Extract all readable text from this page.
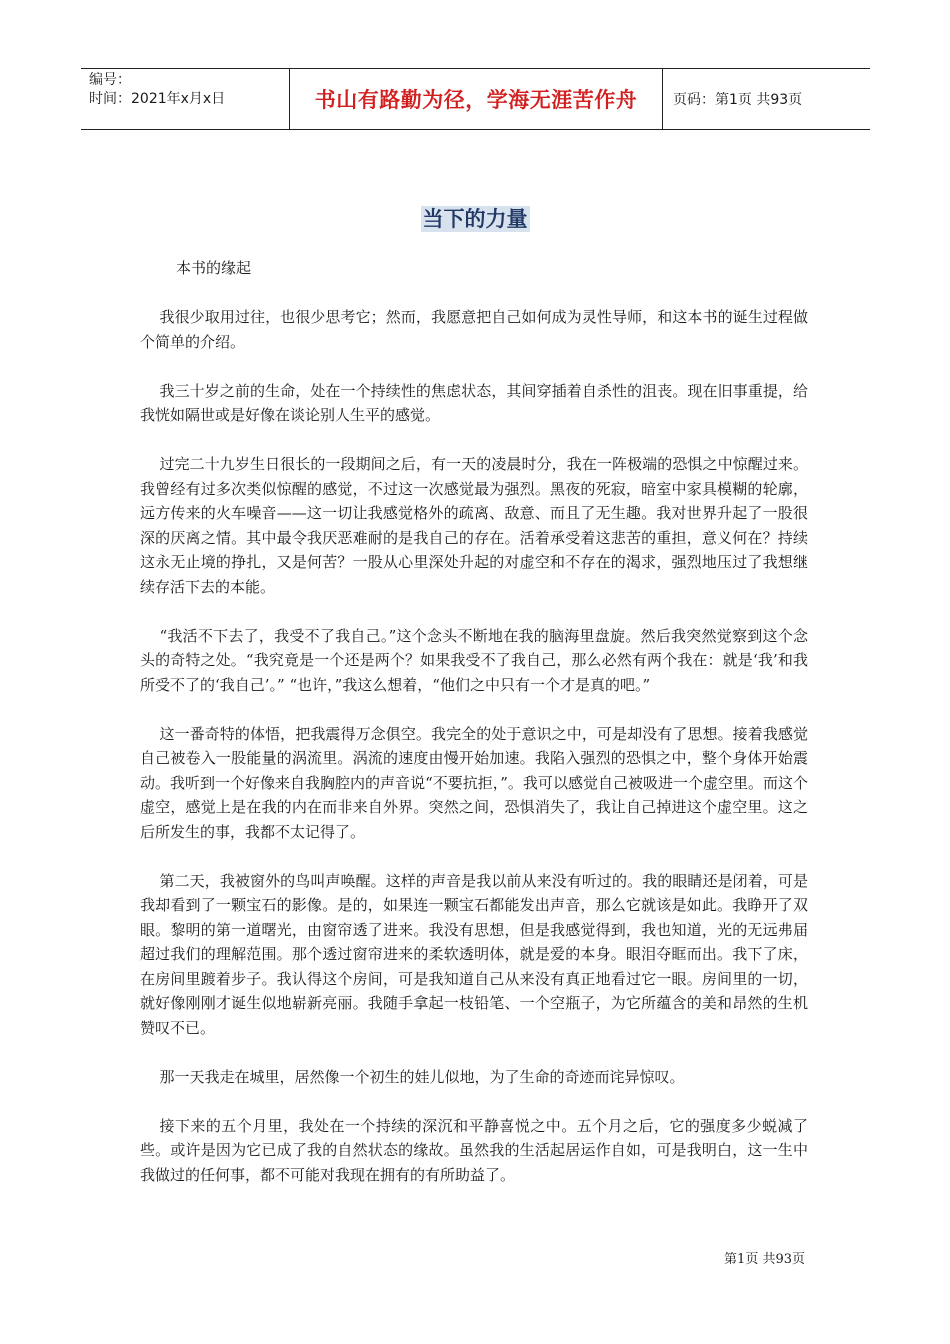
编号：
时间：2021年x月x日	书山有路勤为径，学海无涯苦作舟	页码：第1页 共93页
当下的力量

本书的缘起

我很少取用过往，也很少思考它；然而，我愿意把自己如何成为灵性导师，和这本书的诞生过程做个简单的介绍。

我三十岁之前的生命，处在一个持续性的焦虑状态，其间穿插着自杀性的沮丧。现在旧事重提，给我恍如隔世或是好像在谈论别人生平的感觉。

过完二十九岁生日很长的一段期间之后，有一天的凌晨时分，我在一阵极端的恐惧之中惊醒过来。我曾经有过多次类似惊醒的感觉，不过这一次感觉最为强烈。黑夜的死寂，暗室中家具模糊的轮廓，远方传来的火车噪音——这一切让我感觉格外的疏离、敌意、而且了无生趣。我对世界升起了一股很深的厌离之情。其中最令我厌恶难耐的是我自己的存在。活着承受着这悲苦的重担，意义何在？持续这永无止境的挣扎，又是何苦？一股从心里深处升起的对虚空和不存在的渴求，强烈地压过了我想继续存活下去的本能。

“我活不下去了，我受不了我自己。”这个念头不断地在我的脑海里盘旋。然后我突然觉察到这个念头的奇特之处。“我究竟是一个还是两个？如果我受不了我自己，那么必然有两个我在：就是‘我’和我所受不了的‘我自己’。” “也许，”我这么想着，“他们之中只有一个才是真的吧。”

这一番奇特的体悟，把我震得万念俱空。我完全的处于意识之中，可是却没有了思想。接着我感觉自己被卷入一股能量的涡流里。涡流的速度由慢开始加速。我陷入强烈的恐惧之中，整个身体开始震动。我听到一个好像来自我胸腔内的声音说“不要抗拒，”。我可以感觉自己被吸进一个虚空里。而这个虚空，感觉上是在我的内在而非来自外界。突然之间，恐惧消失了，我让自己掉进这个虚空里。这之后所发生的事，我都不太记得了。

第二天，我被窗外的鸟叫声唤醒。这样的声音是我以前从来没有听过的。我的眼睛还是闭着，可是我却看到了一颗宝石的影像。是的，如果连一颗宝石都能发出声音，那么它就该是如此。我睁开了双眼。黎明的第一道曙光，由窗帘透了进来。我没有思想，但是我感觉得到，我也知道，光的无远弗届超过我们的理解范围。那个透过窗帘进来的柔软透明体，就是爱的本身。眼泪夺眶而出。我下了床，在房间里踱着步子。我认得这个房间，可是我知道自己从来没有真正地看过它一眼。房间里的一切，就好像刚刚才诞生似地崭新亮丽。我随手拿起一枝铅笔、一个空瓶子，为它所蕴含的美和昂然的生机赞叹不已。

那一天我走在城里，居然像一个初生的娃儿似地，为了生命的奇迹而诧异惊叹。

接下来的五个月里，我处在一个持续的深沉和平静喜悦之中。五个月之后，它的强度多少蜕减了些。或许是因为它已成了我的自然状态的缘故。虽然我的生活起居运作自如，可是我明白，这一生中我做过的任何事，都不可能对我现在拥有的有所助益了。

第1页 共93页
